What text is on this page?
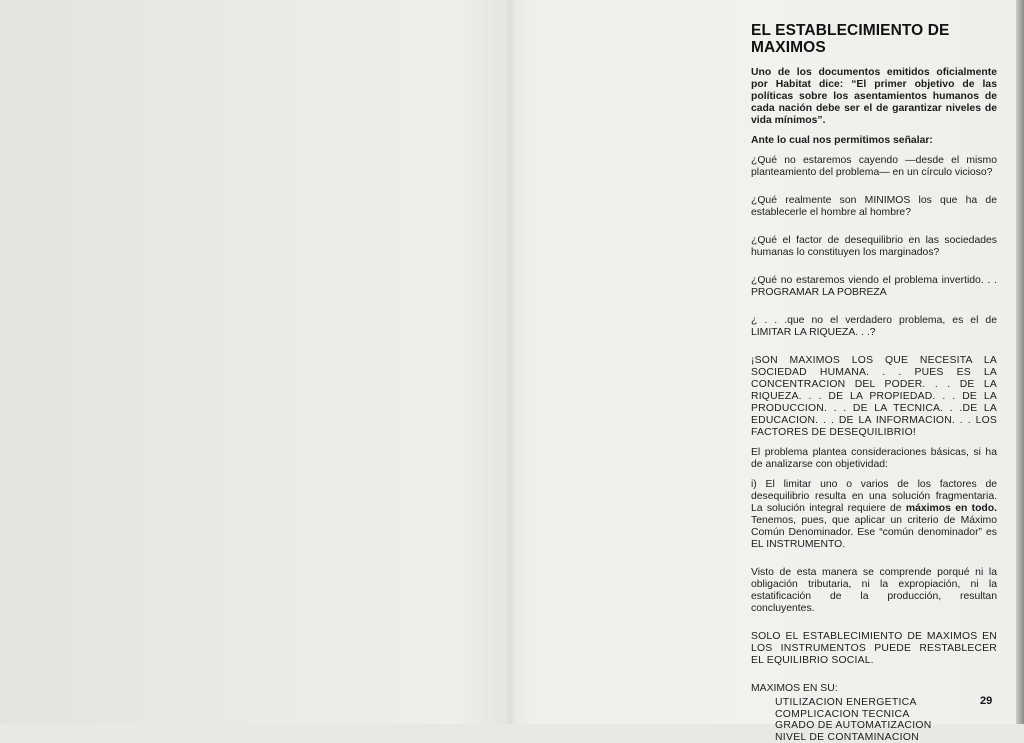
EL ESTABLECIMIENTO DE MAXIMOS

Uno de los documentos emitidos oficialmente por Habitat dice: “El primer objetivo de las políticas sobre los asentamientos humanos de cada nación debe ser el de garantizar niveles de vida mínimos”.

Ante lo cual nos permitimos señalar:

¿Qué no estaremos cayendo —desde el mismo planteamiento del problema— en un círculo vicioso?

¿Qué realmente son MINIMOS los que ha de establecerle el hombre al hombre?

¿Qué el factor de desequilibrio en las sociedades humanas lo constituyen los marginados?

¿Qué no estaremos viendo el problema invertido. . . PROGRAMAR LA POBREZA

¿ . . .que no el verdadero problema, es el de LIMITAR LA RIQUEZA. . .?

¡SON MAXIMOS LOS QUE NECESITA LA SOCIEDAD HUMANA. . . PUES ES LA CONCENTRACION DEL PODER. . . DE LA RIQUEZA. . . DE LA PROPIEDAD. . . DE LA PRODUCCION. . . DE LA TECNICA. . .DE LA EDUCACION. . . DE LA INFORMACION. . . LOS FACTORES DE DESEQUILIBRIO!

El problema plantea consideraciones básicas, si ha de analizarse con objetividad:

i) El limitar uno o varios de los factores de desequilibrio resulta en una solución fragmentaria. La solución integral requiere de máximos en todo. Tenemos, pues, que aplicar un criterio de Máximo Común Denominador. Ese “común denominador” es EL INSTRUMENTO.

Visto de esta manera se comprende porqué ni la obligación tributaria, ni la expropiación, ni la estatificación de la producción, resultan concluyentes.

SOLO EL ESTABLECIMIENTO DE MAXIMOS EN LOS INSTRUMENTOS PUEDE RESTABLECER EL EQUILIBRIO SOCIAL.

MAXIMOS EN SU:

UTILIZACION ENERGETICA
COMPLICACION TECNICA
GRADO DE AUTOMATIZACION
NIVEL DE CONTAMINACION
29
